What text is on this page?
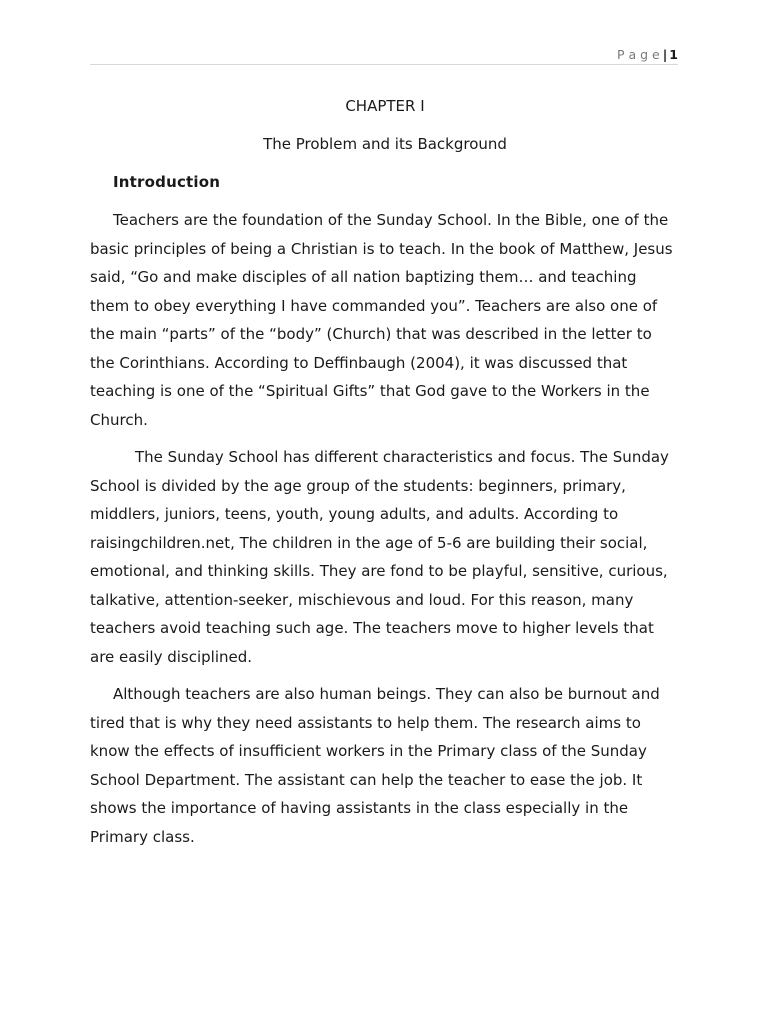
P a g e | 1
CHAPTER I
The Problem and its Background
Introduction

Teachers are the foundation of the Sunday School. In the Bible, one of the basic principles of being a Christian is to teach. In the book of Matthew, Jesus said, “Go and make disciples of all nation baptizing them… and teaching them to obey everything I have commanded you”. Teachers are also one of the main “parts” of the “body” (Church) that was described in the letter to the Corinthians. According to Deffinbaugh (2004), it was discussed that teaching is one of the “Spiritual Gifts” that God gave to the Workers in the Church.

The Sunday School has different characteristics and focus. The Sunday School is divided by the age group of the students: beginners, primary, middlers, juniors, teens, youth, young adults, and adults. According to raisingchildren.net, The children in the age of 5-6 are building their social, emotional, and thinking skills. They are fond to be playful, sensitive, curious, talkative, attention-seeker, mischievous and loud. For this reason, many teachers avoid teaching such age. The teachers move to higher levels that are easily disciplined.

Although teachers are also human beings. They can also be burnout and tired that is why they need assistants to help them. The research aims to know the effects of insufficient workers in the Primary class of the Sunday School Department. The assistant can help the teacher to ease the job. It shows the importance of having assistants in the class especially in the Primary class.
